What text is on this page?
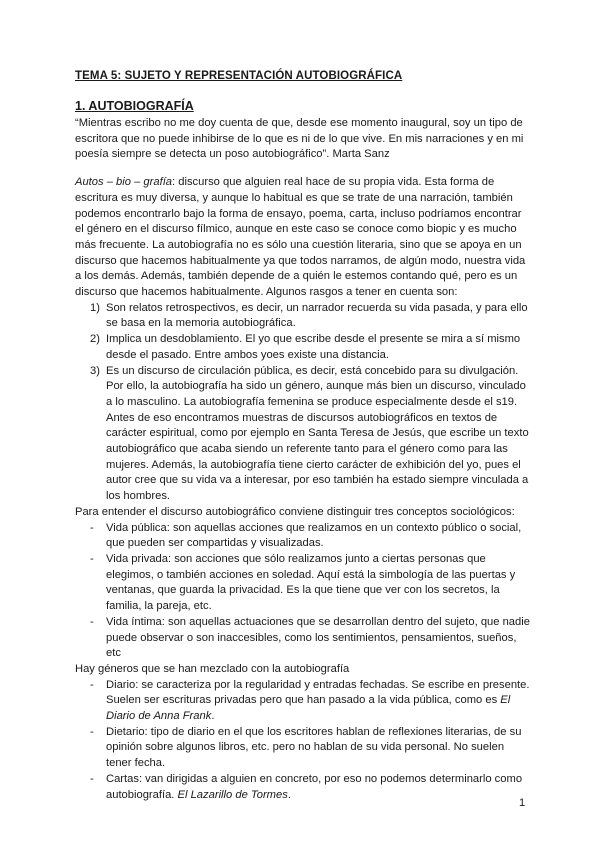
TEMA 5: SUJETO Y REPRESENTACIÓN AUTOBIOGRÁFICA
1. AUTOBIOGRAFÍA

“Mientras escribo no me doy cuenta de que, desde ese momento inaugural, soy un tipo de escritora que no puede inhibirse de lo que es ni de lo que vive. En mis narraciones y en mi poesía siempre se detecta un poso autobiográfico”. Marta Sanz

Autos – bio – grafía: discurso que alguien real hace de su propia vida. Esta forma de escritura es muy diversa, y aunque lo habitual es que se trate de una narración, también podemos encontrarlo bajo la forma de ensayo, poema, carta, incluso podríamos encontrar el género en el discurso fílmico, aunque en este caso se conoce como biopic y es mucho más frecuente. La autobiografía no es sólo una cuestión literaria, sino que se apoya en un discurso que hacemos habitualmente ya que todos narramos, de algún modo, nuestra vida a los demás. Además, también depende de a quién le estemos contando qué, pero es un discurso que hacemos habitualmente. Algunos rasgos a tener en cuenta son:

1) Son relatos retrospectivos, es decir, un narrador recuerda su vida pasada, y para ello se basa en la memoria autobiográfica.
2) Implica un desdoblamiento. El yo que escribe desde el presente se mira a sí mismo desde el pasado. Entre ambos yoes existe una distancia.
3) Es un discurso de circulación pública, es decir, está concebido para su divulgación. Por ello, la autobiografía ha sido un género, aunque más bien un discurso, vinculado a lo masculino. La autobiografía femenina se produce especialmente desde el s19. Antes de eso encontramos muestras de discursos autobiográficos en textos de carácter espiritual, como por ejemplo en Santa Teresa de Jesús, que escribe un texto autobiográfico que acaba siendo un referente tanto para el género como para las mujeres. Además, la autobiografía tiene cierto carácter de exhibición del yo, pues el autor cree que su vida va a interesar, por eso también ha estado siempre vinculada a los hombres.

Para entender el discurso autobiográfico conviene distinguir tres conceptos sociológicos:

- Vida pública: son aquellas acciones que realizamos en un contexto público o social, que pueden ser compartidas y visualizadas.
- Vida privada: son acciones que sólo realizamos junto a ciertas personas que elegimos, o también acciones en soledad. Aquí está la simbología de las puertas y ventanas, que guarda la privacidad. Es la que tiene que ver con los secretos, la familia, la pareja, etc.
- Vida íntima: son aquellas actuaciones que se desarrollan dentro del sujeto, que nadie puede observar o son inaccesibles, como los sentimientos, pensamientos, sueños, etc

Hay géneros que se han mezclado con la autobiografía

- Diario: se caracteriza por la regularidad y entradas fechadas. Se escribe en presente. Suelen ser escrituras privadas pero que han pasado a la vida pública, como es El Diario de Anna Frank.
- Dietario: tipo de diario en el que los escritores hablan de reflexiones literarias, de su opinión sobre algunos libros, etc. pero no hablan de su vida personal. No suelen tener fecha.
- Cartas: van dirigidas a alguien en concreto, por eso no podemos determinarlo como autobiografía. El Lazarillo de Tormes.
1
